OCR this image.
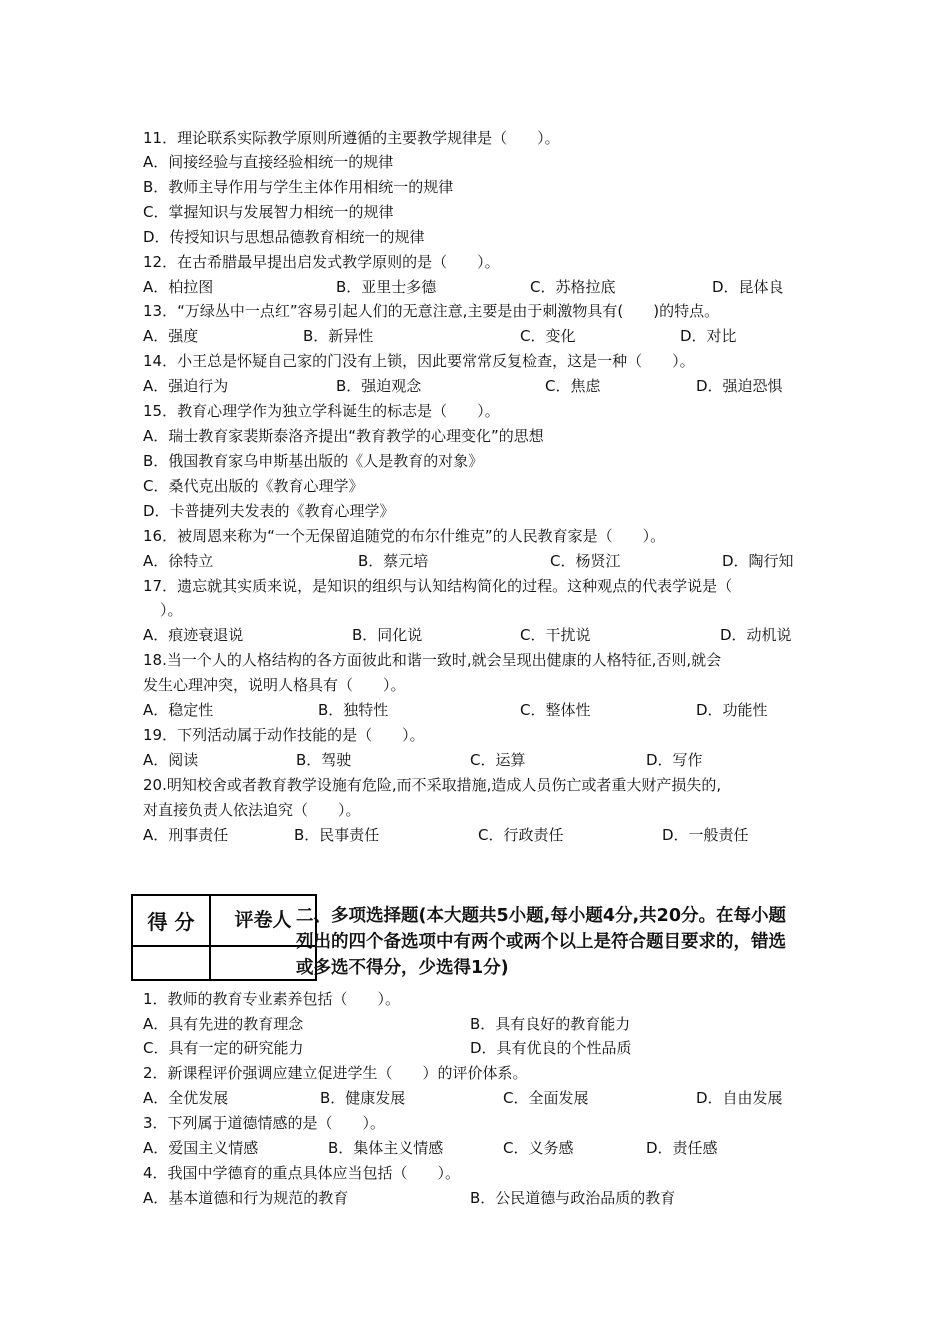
11．理论联系实际教学原则所遵循的主要教学规律是（　　）。
A．间接经验与直接经验相统一的规律
B．教师主导作用与学生主体作用相统一的规律
C．掌握知识与发展智力相统一的规律
D．传授知识与思想品德教育相统一的规律
12．在古希腊最早提出启发式教学原则的是（　　）。
A．柏拉图	B．亚里士多德	C．苏格拉底	D．昆体良
13．“万绿丛中一点红”容易引起人们的无意注意,主要是由于刺激物具有(　　)的特点。
A．强度	B．新异性	C．变化	D．对比
14．小王总是怀疑自己家的门没有上锁，因此要常常反复检查，这是一种（　　）。
A．强迫行为	B．强迫观念	C．焦虑	D．强迫恐惧
15．教育心理学作为独立学科诞生的标志是（　　）。
A．瑞士教育家裴斯泰洛齐提出“教育教学的心理变化”的思想
B．俄国教育家乌申斯基出版的《人是教育的对象》
C．桑代克出版的《教育心理学》
D．卡普捷列夫发表的《教育心理学》
16．被周恩来称为“一个无保留追随党的布尔什维克”的人民教育家是（　　）。
A．徐特立	B．蔡元培	C．杨贤江	D．陶行知
17．遗忘就其实质来说，是知识的组织与认知结构简化的过程。这种观点的代表学说是（
）。
A．痕迹衰退说	B．同化说	C．干扰说	D．动机说
18.当一个人的人格结构的各方面彼此和谐一致时,就会呈现出健康的人格特征,否则,就会
发生心理冲突，说明人格具有（　　）。
A．稳定性	B．独特性	C．整体性	D．功能性
19．下列活动属于动作技能的是（　　）。
A．阅读	B．驾驶	C．运算	D．写作
20.明知校舍或者教育教学设施有危险,而不采取措施,造成人员伤亡或者重大财产损失的,
对直接负责人依法追究（　　）。
A．刑事责任	B．民事责任	C．行政责任	D．一般责任
得 分	评卷人
	二、多项选择题(本大题共5小题,每小题4分,共20分。在每小题列出的四个备选项中有两个或两个以上是符合题目要求的，错选或多选不得分，少选得1分)
1．教师的教育专业素养包括（　　）。
A．具有先进的教育理念	B．具有良好的教育能力
C．具有一定的研究能力	D．具有优良的个性品质
2．新课程评价强调应建立促进学生（　　）的评价体系。
A．全优发展	B．健康发展	C．全面发展	D．自由发展
3．下列属于道德情感的是（　　）。
A．爱国主义情感	B．集体主义情感	C．义务感	D．责任感
4．我国中学德育的重点具体应当包括（　　）。
A．基本道德和行为规范的教育	B．公民道德与政治品质的教育
